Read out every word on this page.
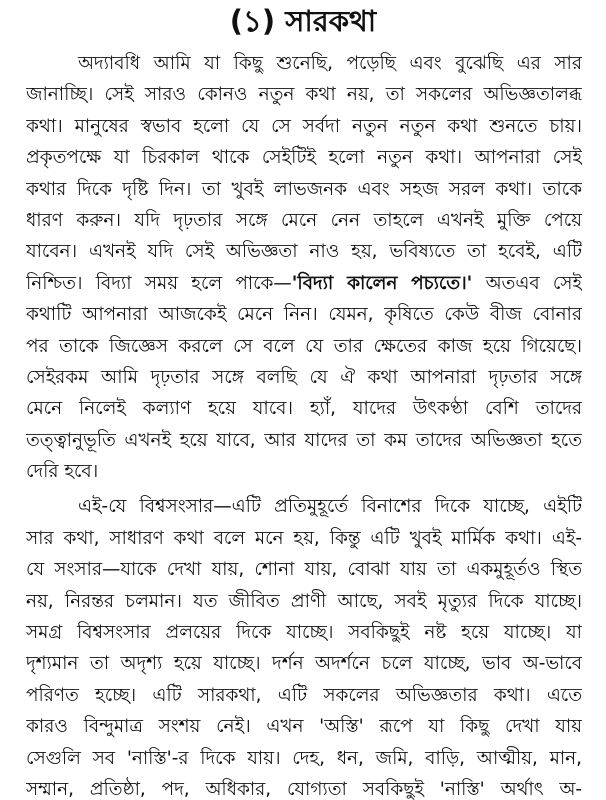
(১) সারকথা
অদ্যাবধি আমি যা কিছু শুনেছি, পড়েছি এবং বুঝেছি এর সার
জানাচ্ছি। সেই সারও কোনও নতুন কথা নয়, তা সকলের অভিজ্ঞতালব্ধ
কথা। মানুষের স্বভাব হলো যে সে সর্বদা নতুন নতুন কথা শুনতে চায়।
প্রকৃতপক্ষে যা চিরকাল থাকে সেইটিই হলো নতুন কথা। আপনারা সেই
কথার দিকে দৃষ্টি দিন। তা খুবই লাভজনক এবং সহজ সরল কথা। তাকে
ধারণ করুন। যদি দৃঢ়তার সঙ্গে মেনে নেন তাহলে এখনই মুক্তি পেয়ে
যাবেন। এখনই যদি সেই অভিজ্ঞতা নাও হয়, ভবিষ্যতে তা হবেই, এটি
নিশ্চিত। বিদ্যা সময় হলে পাকে—'বিদ্যা কালেন পচ্যতে।' অতএব সেই
কথাটি আপনারা আজকেই মেনে নিন। যেমন, কৃষিতে কেউ বীজ বোনার
পর তাকে জিজ্ঞেস করলে সে বলে যে তার ক্ষেতের কাজ হয়ে গিয়েছে।
সেইরকম আমি দৃঢ়তার সঙ্গে বলছি যে ঐ কথা আপনারা দৃঢ়তার সঙ্গে
মেনে নিলেই কল্যাণ হয়ে যাবে। হ্যাঁ, যাদের উৎকণ্ঠা বেশি তাদের
তত্ত্বানুভূতি এখনই হয়ে যাবে, আর যাদের তা কম তাদের অভিজ্ঞতা হতে
দেরি হবে।
এই-যে বিশ্বসংসার—এটি প্রতিমুহূর্তে বিনাশের দিকে যাচ্ছে, এইটি
সার কথা, সাধারণ কথা বলে মনে হয়, কিন্তু এটি খুবই মার্মিক কথা। এই-
যে সংসার—যাকে দেখা যায়, শোনা যায়, বোঝা যায় তা একমুহূর্তও স্থিত
নয়, নিরন্তর চলমান। যত জীবিত প্রাণী আছে, সবই মৃত্যুর দিকে যাচ্ছে।
সমগ্র বিশ্বসংসার প্রলয়ের দিকে যাচ্ছে। সবকিছুই নষ্ট হয়ে যাচ্ছে। যা
দৃশ্যমান তা অদৃশ্য হয়ে যাচ্ছে। দর্শন অদর্শনে চলে যাচ্ছে, ভাব অ-ভাবে
পরিণত হচ্ছে। এটি সারকথা, এটি সকলের অভিজ্ঞতার কথা। এতে
কারও বিন্দুমাত্র সংশয় নেই। এখন 'অস্তি' রূপে যা কিছু দেখা যায়
সেগুলি সব 'নাস্তি'-র দিকে যায়। দেহ, ধন, জমি, বাড়ি, আত্মীয়, মান,
সম্মান, প্রতিষ্ঠা, পদ, অধিকার, যোগ্যতা সবকিছুই 'নাস্তি' অর্থাৎ অ-
